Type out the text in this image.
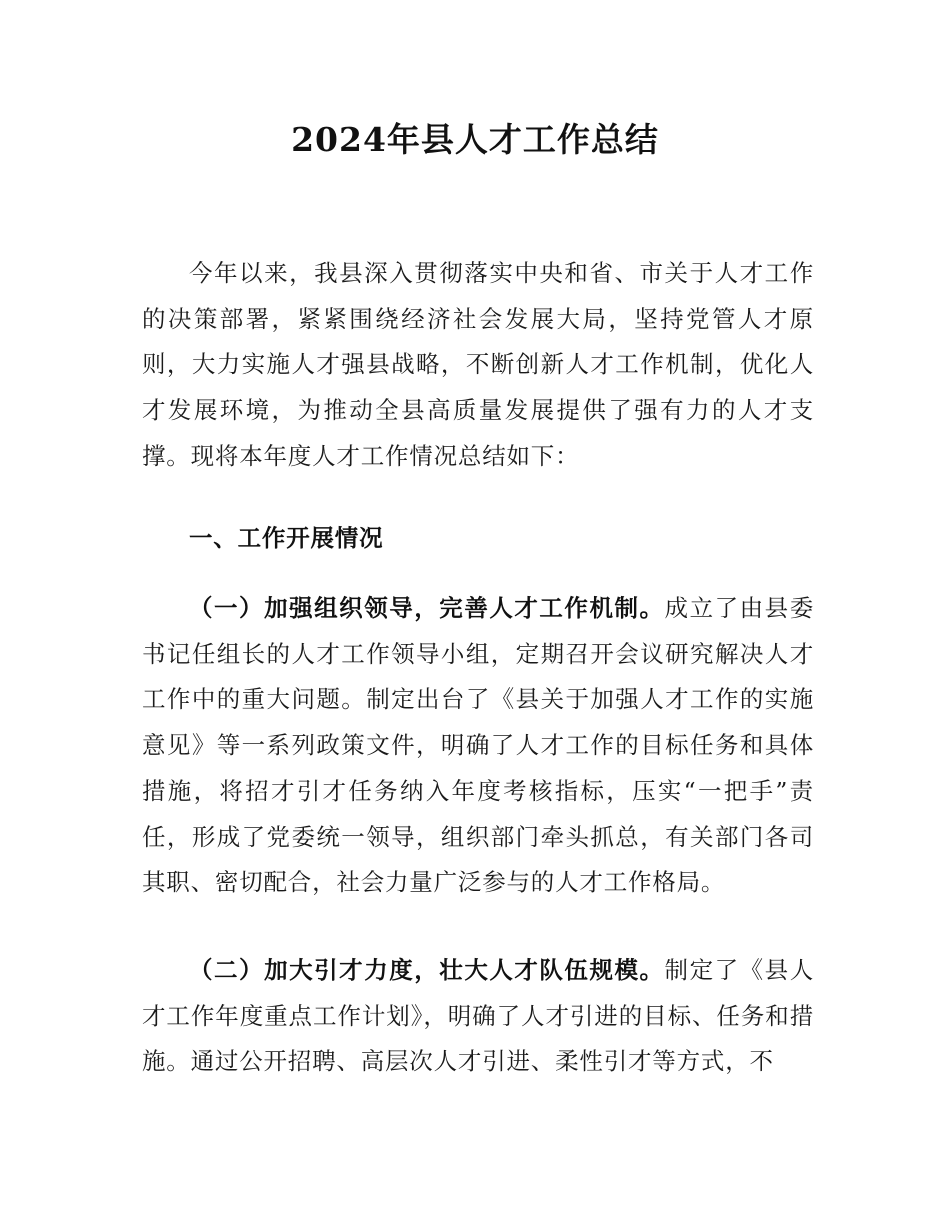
2024年县人才工作总结

今年以来，我县深入贯彻落实中央和省、市关于人才工作的决策部署，紧紧围绕经济社会发展大局，坚持党管人才原则，大力实施人才强县战略，不断创新人才工作机制，优化人才发展环境，为推动全县高质量发展提供了强有力的人才支撑。现将本年度人才工作情况总结如下：

一、工作开展情况

（一）加强组织领导，完善人才工作机制。成立了由县委书记任组长的人才工作领导小组，定期召开会议研究解决人才工作中的重大问题。制定出台了《县关于加强人才工作的实施意见》等一系列政策文件，明确了人才工作的目标任务和具体措施，将招才引才任务纳入年度考核指标，压实“一把手”责任，形成了党委统一领导，组织部门牵头抓总，有关部门各司其职、密切配合，社会力量广泛参与的人才工作格局。

（二）加大引才力度，壮大人才队伍规模。制定了《县人才工作年度重点工作计划》，明确了人才引进的目标、任务和措施。通过公开招聘、高层次人才引进、柔性引才等方式，不
